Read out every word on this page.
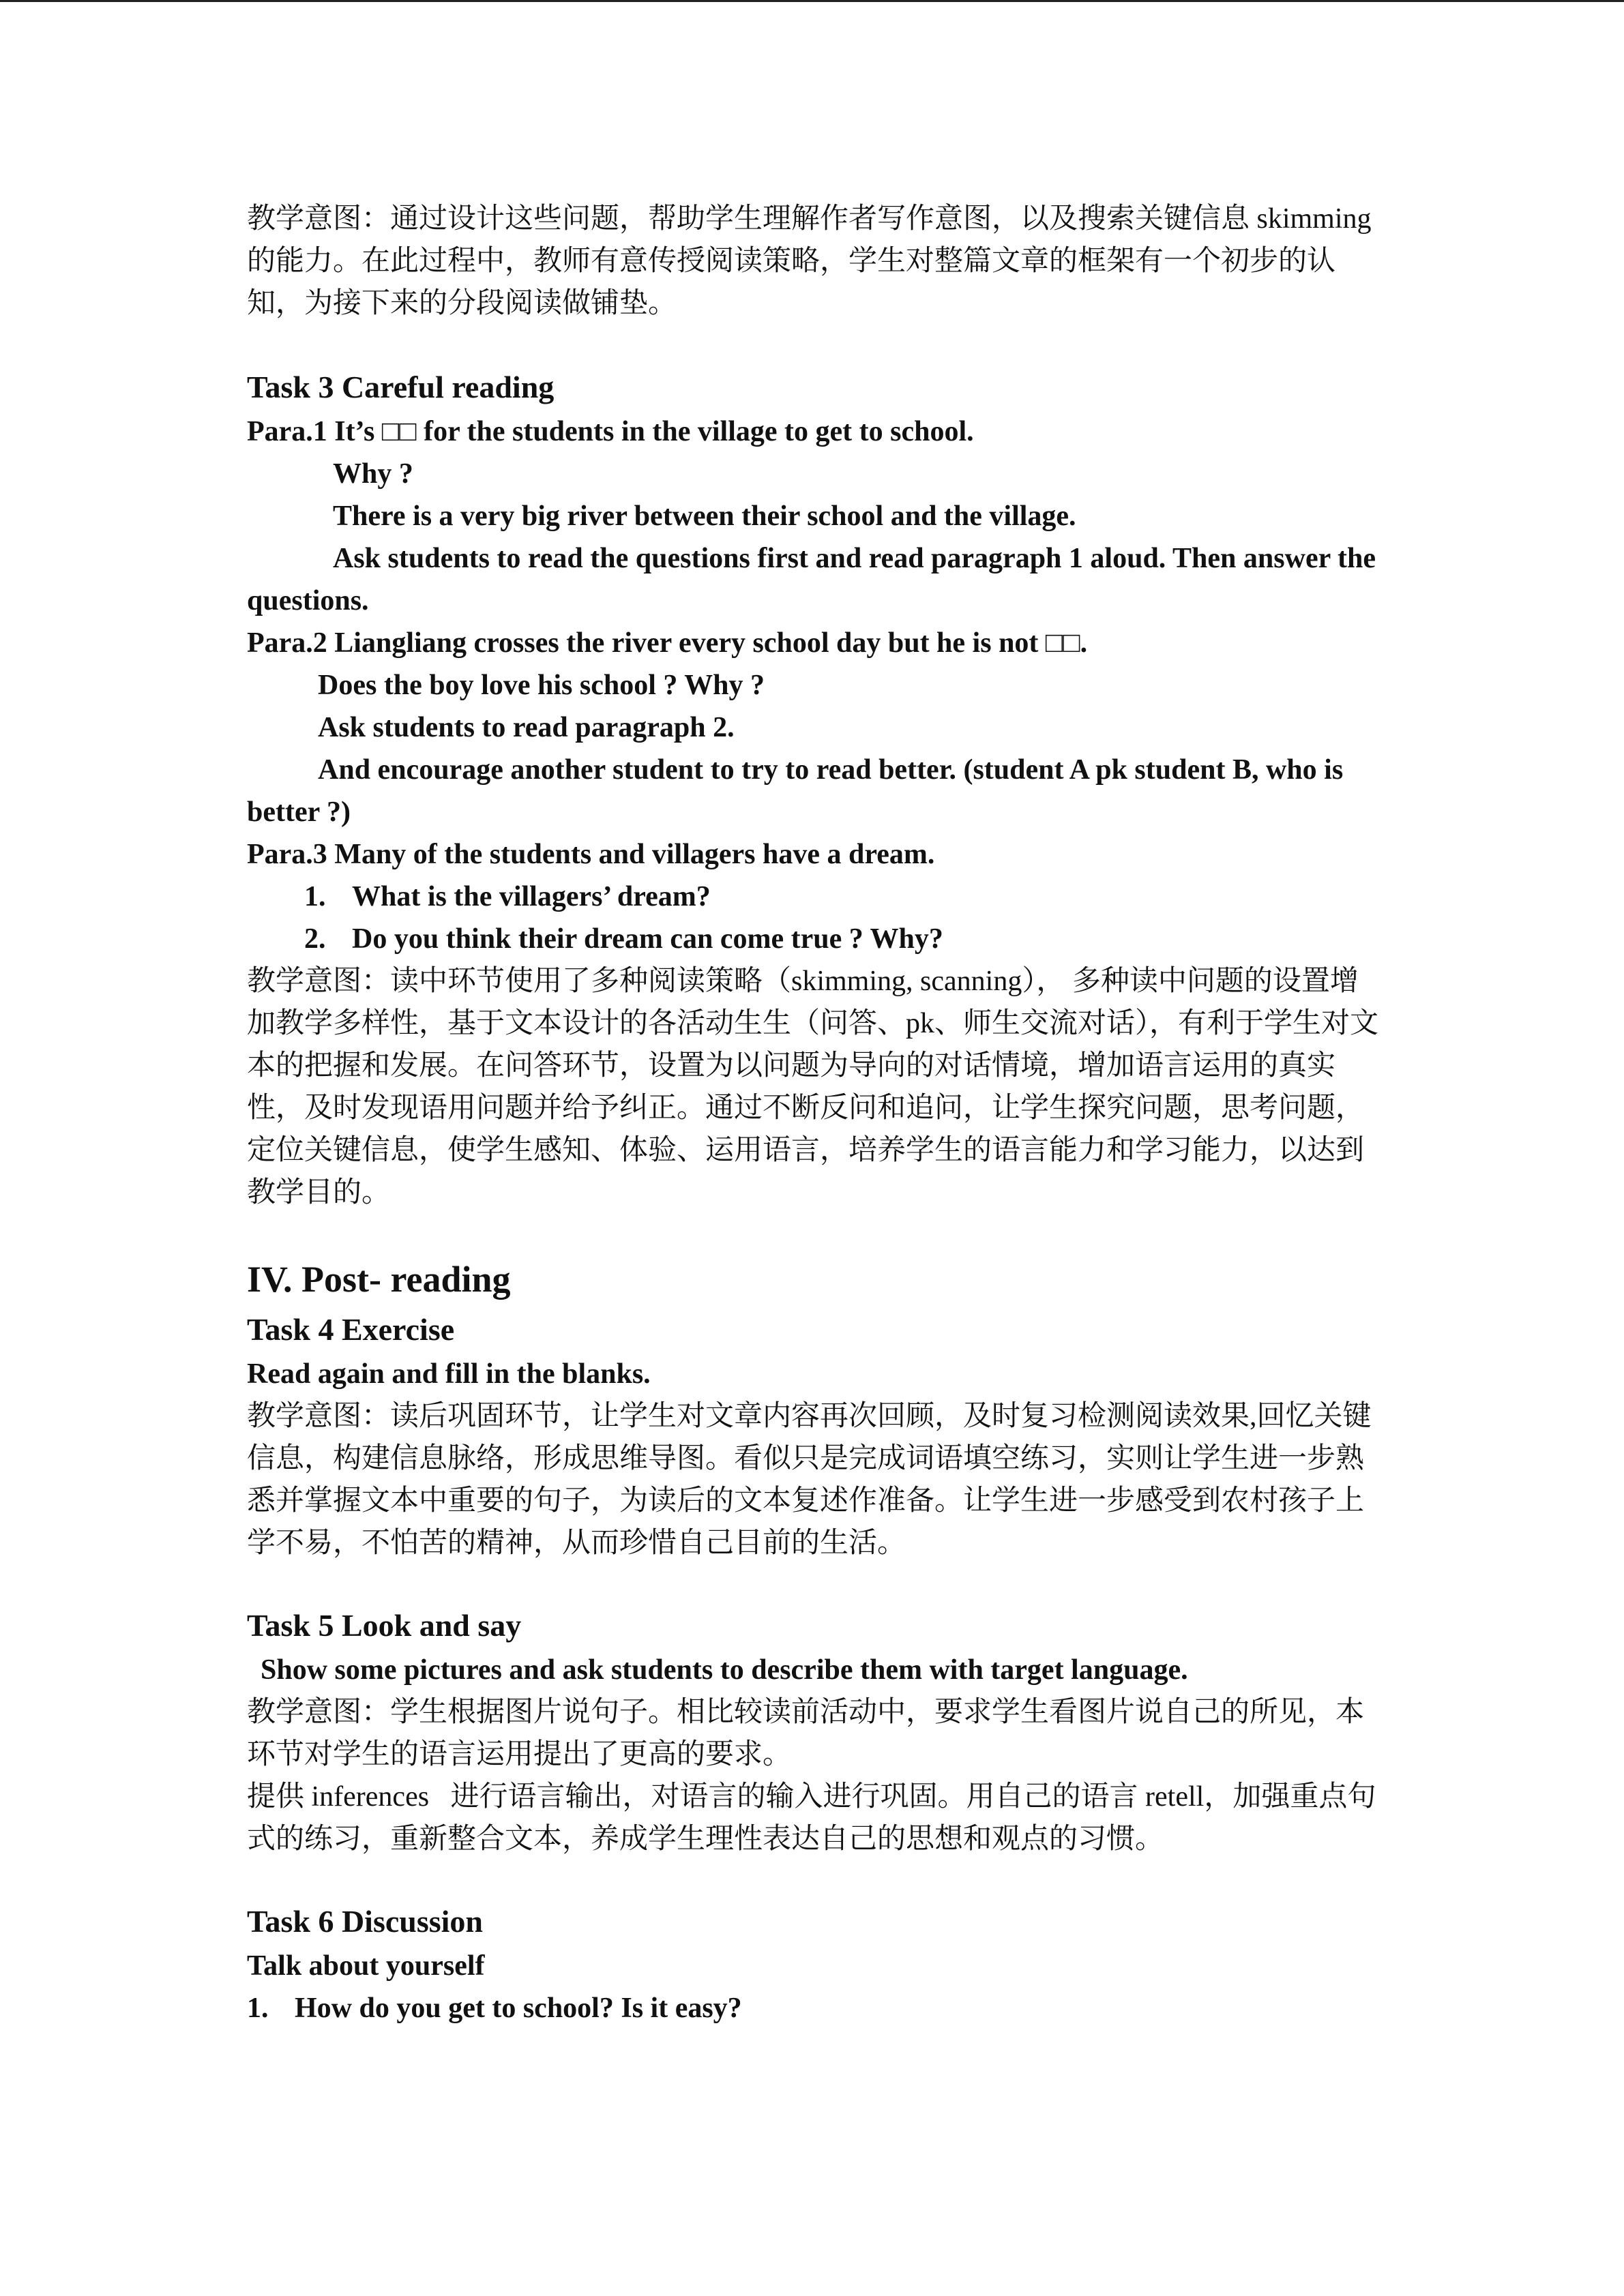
教学意图：通过设计这些问题，帮助学生理解作者写作意图，以及搜索关键信息 skimming

的能力。在此过程中，教师有意传授阅读策略，学生对整篇文章的框架有一个初步的认

知，为接下来的分段阅读做铺垫。

Task 3 Careful reading

Para.1 It’s □□ for the students in the village to get to school.

Why ?

There is a very big river between their school and the village.

Ask students to read the questions first and read paragraph 1 aloud. Then answer the

questions.

Para.2 Liangliang crosses the river every school day but he is not □□.

Does the boy love his school ? Why ?

Ask students to read paragraph 2.

And encourage another student to try to read better. (student A pk student B, who is

better ?)

Para.3 Many of the students and villagers have a dream.

1. What is the villagers’ dream?

2. Do you think their dream can come true ? Why?

教学意图：读中环节使用了多种阅读策略（skimming, scanning）， 多种读中问题的设置增

加教学多样性，基于文本设计的各活动生生（问答、pk、师生交流对话），有利于学生对文

本的把握和发展。在问答环节，设置为以问题为导向的对话情境，增加语言运用的真实

性，及时发现语用问题并给予纠正。通过不断反问和追问，让学生探究问题，思考问题，

定位关键信息，使学生感知、体验、运用语言，培养学生的语言能力和学习能力，以达到

教学目的。

IV. Post- reading
Task 4 Exercise

Read again and fill in the blanks.

教学意图：读后巩固环节，让学生对文章内容再次回顾，及时复习检测阅读效果,回忆关键

信息，构建信息脉络，形成思维导图。看似只是完成词语填空练习，实则让学生进一步熟

悉并掌握文本中重要的句子，为读后的文本复述作准备。让学生进一步感受到农村孩子上

学不易，不怕苦的精神，从而珍惜自己目前的生活。

Task 5 Look and say

Show some pictures and ask students to describe them with target language.

教学意图：学生根据图片说句子。相比较读前活动中，要求学生看图片说自己的所见，本

环节对学生的语言运用提出了更高的要求。

提供 inferences   进行语言输出，对语言的输入进行巩固。用自己的语言 retell，加强重点句

式的练习，重新整合文本，养成学生理性表达自己的思想和观点的习惯。

Task 6 Discussion

Talk about yourself

1. How do you get to school? Is it easy?
